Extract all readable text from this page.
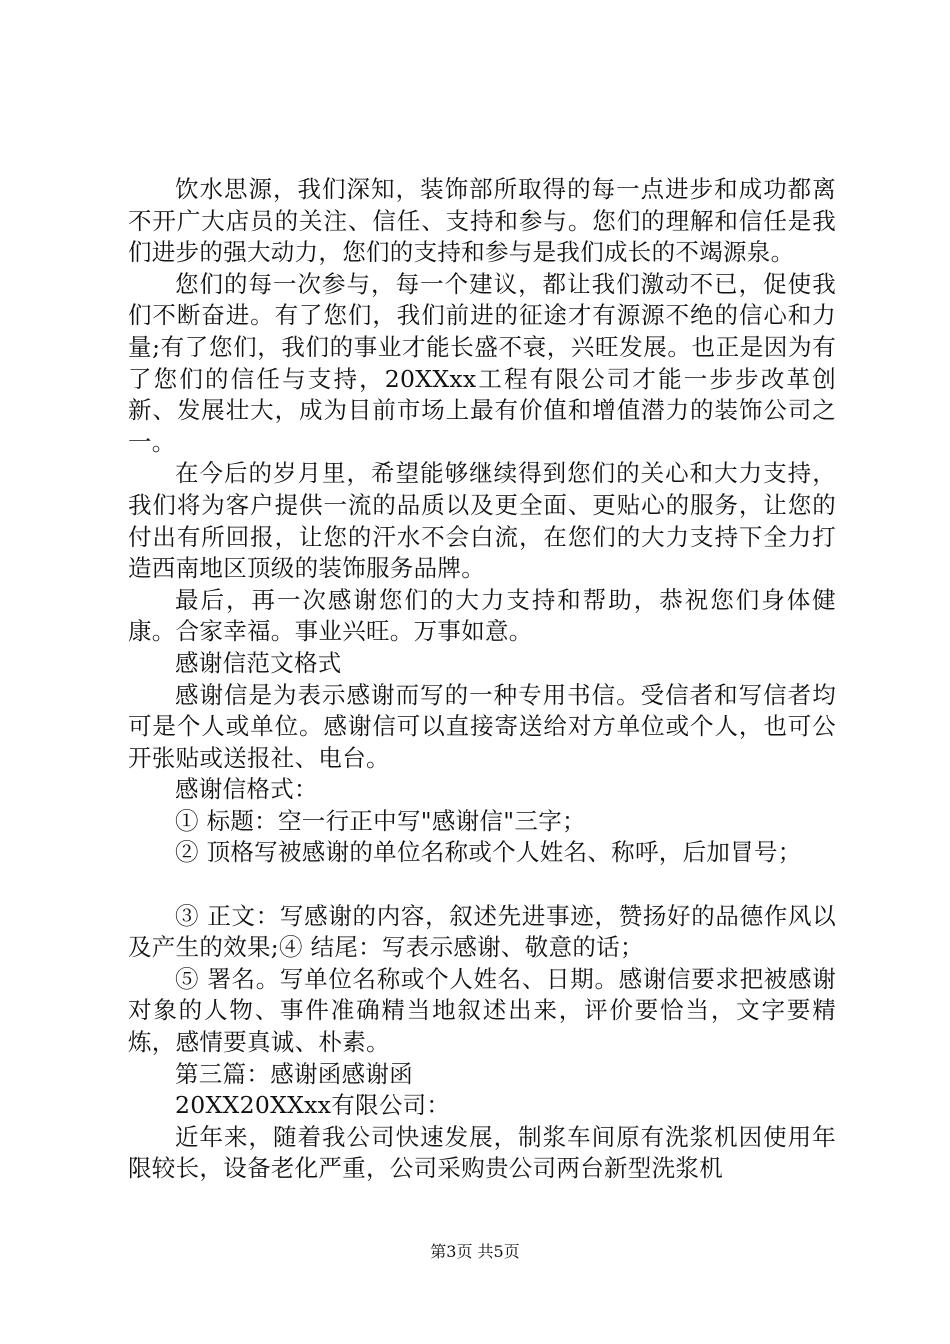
饮水思源，我们深知，装饰部所取得的每一点进步和成功都离不开广大店员的关注、信任、支持和参与。您们的理解和信任是我们进步的强大动力，您们的支持和参与是我们成长的不竭源泉。

您们的每一次参与，每一个建议，都让我们激动不已，促使我们不断奋进。有了您们，我们前进的征途才有源源不绝的信心和力量;有了您们，我们的事业才能长盛不衰，兴旺发展。也正是因为有了您们的信任与支持，20XXxx工程有限公司才能一步步改革创新、发展壮大，成为目前市场上最有价值和增值潜力的装饰公司之一。

在今后的岁月里，希望能够继续得到您们的关心和大力支持，我们将为客户提供一流的品质以及更全面、更贴心的服务，让您的付出有所回报，让您的汗水不会白流，在您们的大力支持下全力打造西南地区顶级的装饰服务品牌。

最后，再一次感谢您们的大力支持和帮助，恭祝您们身体健康。合家幸福。事业兴旺。万事如意。

感谢信范文格式

感谢信是为表示感谢而写的一种专用书信。受信者和写信者均可是个人或单位。感谢信可以直接寄送给对方单位或个人，也可公开张贴或送报社、电台。

感谢信格式：

① 标题：空一行正中写"感谢信"三字；

② 顶格写被感谢的单位名称或个人姓名、称呼，后加冒号；

③ 正文：写感谢的内容，叙述先进事迹，赞扬好的品德作风以及产生的效果;④ 结尾：写表示感谢、敬意的话；

⑤ 署名。写单位名称或个人姓名、日期。感谢信要求把被感谢对象的人物、事件准确精当地叙述出来，评价要恰当，文字要精炼，感情要真诚、朴素。

第三篇：感谢函感谢函

20XX20XXxx有限公司：

近年来，随着我公司快速发展，制浆车间原有洗浆机因使用年限较长，设备老化严重，公司采购贵公司两台新型洗浆机

第3页 共5页
